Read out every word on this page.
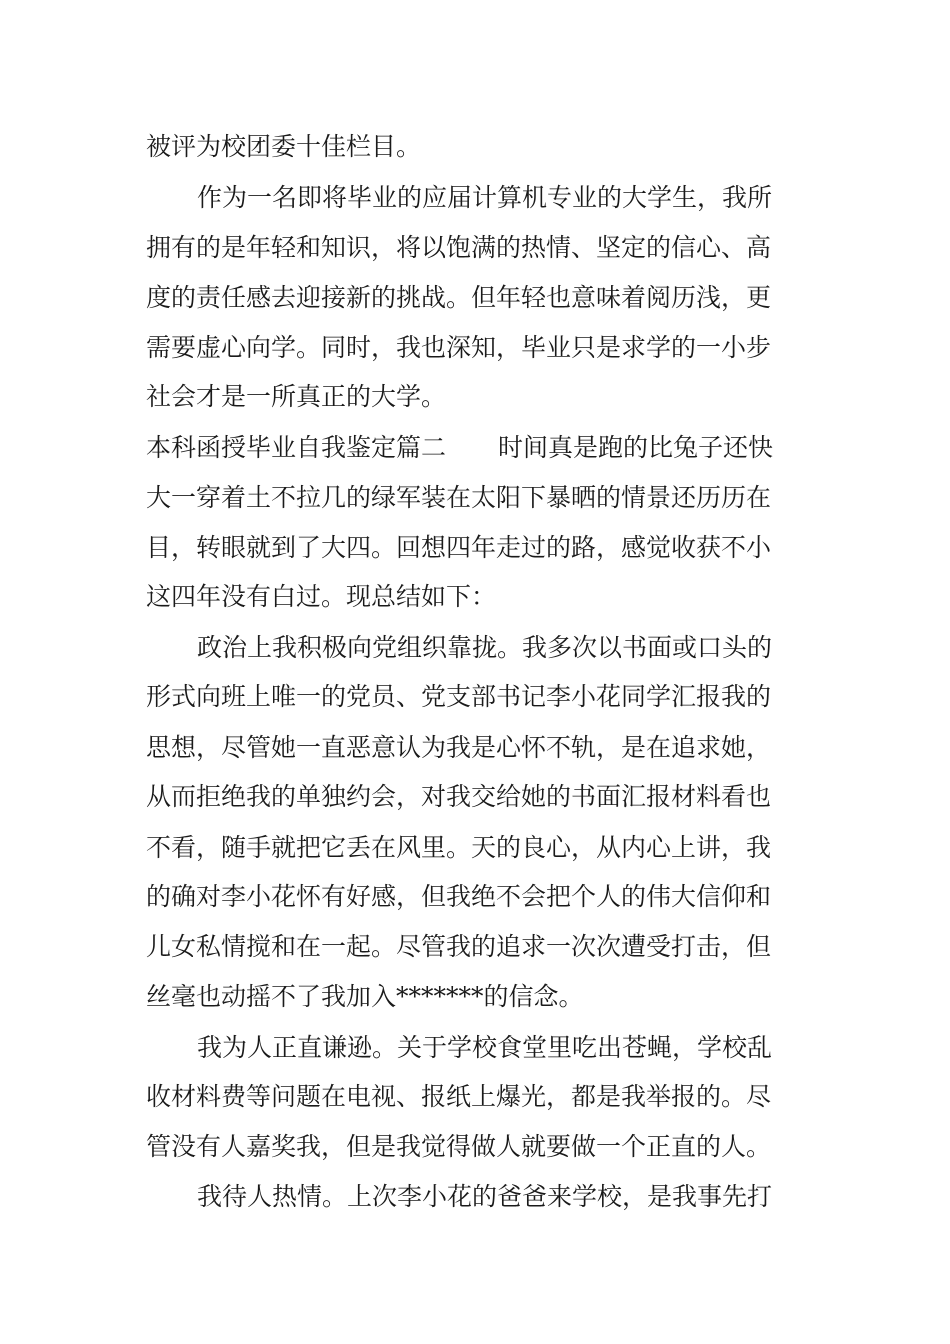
被评为校团委十佳栏目。
作为一名即将毕业的应届计算机专业的大学生，我所
拥有的是年轻和知识，将以饱满的热情、坚定的信心、高
度的责任感去迎接新的挑战。但年轻也意味着阅历浅，更
需要虚心向学。同时，我也深知，毕业只是求学的一小步
社会才是一所真正的大学。
本科函授毕业自我鉴定篇二 时间真是跑的比兔子还快
大一穿着土不拉几的绿军装在太阳下暴晒的情景还历历在
目，转眼就到了大四。回想四年走过的路，感觉收获不小
这四年没有白过。现总结如下：
政治上我积极向党组织靠拢。我多次以书面或口头的
形式向班上唯一的党员、党支部书记李小花同学汇报我的
思想，尽管她一直恶意认为我是心怀不轨，是在追求她，
从而拒绝我的单独约会，对我交给她的书面汇报材料看也
不看，随手就把它丢在风里。天的良心，从内心上讲，我
的确对李小花怀有好感，但我绝不会把个人的伟大信仰和
儿女私情搅和在一起。尽管我的追求一次次遭受打击，但
丝毫也动摇不了我加入*******的信念。
我为人正直谦逊。关于学校食堂里吃出苍蝇，学校乱
收材料费等问题在电视、报纸上爆光，都是我举报的。尽
管没有人嘉奖我，但是我觉得做人就要做一个正直的人。
我待人热情。上次李小花的爸爸来学校，是我事先打
